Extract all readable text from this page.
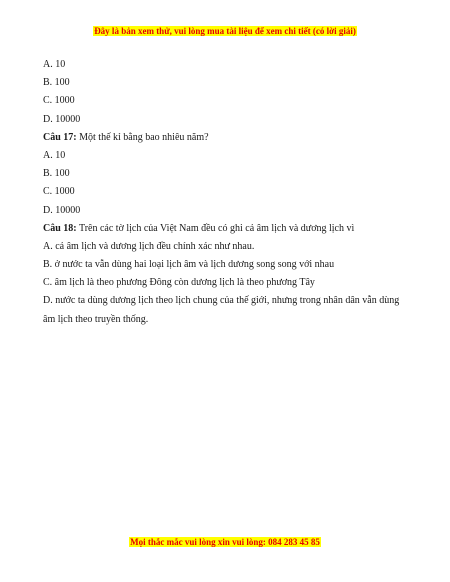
Đây là bản xem thử, vui lòng mua tài liệu để xem chi tiết (có lời giải)
A. 10
B. 100
C. 1000
D. 10000
Câu 17: Một thế kỉ bằng bao nhiêu năm?
A. 10
B. 100
C. 1000
D. 10000
Câu 18: Trên các tờ lịch của Việt Nam đều có ghi cả âm lịch và dương lịch vì
A. cả âm lịch và dương lịch đều chính xác như nhau.
B. ở nước ta vẫn dùng hai loại lịch âm và lịch dương song song với nhau
C. âm lịch là theo phương Đông còn dương lịch là theo phương Tây
D. nước ta dùng dương lịch theo lịch chung của thế giới, nhưng trong nhân dân vẫn dùng âm lịch theo truyền thống.
Mọi thắc mắc vui lòng xin vui lòng: 084 283 45 85
